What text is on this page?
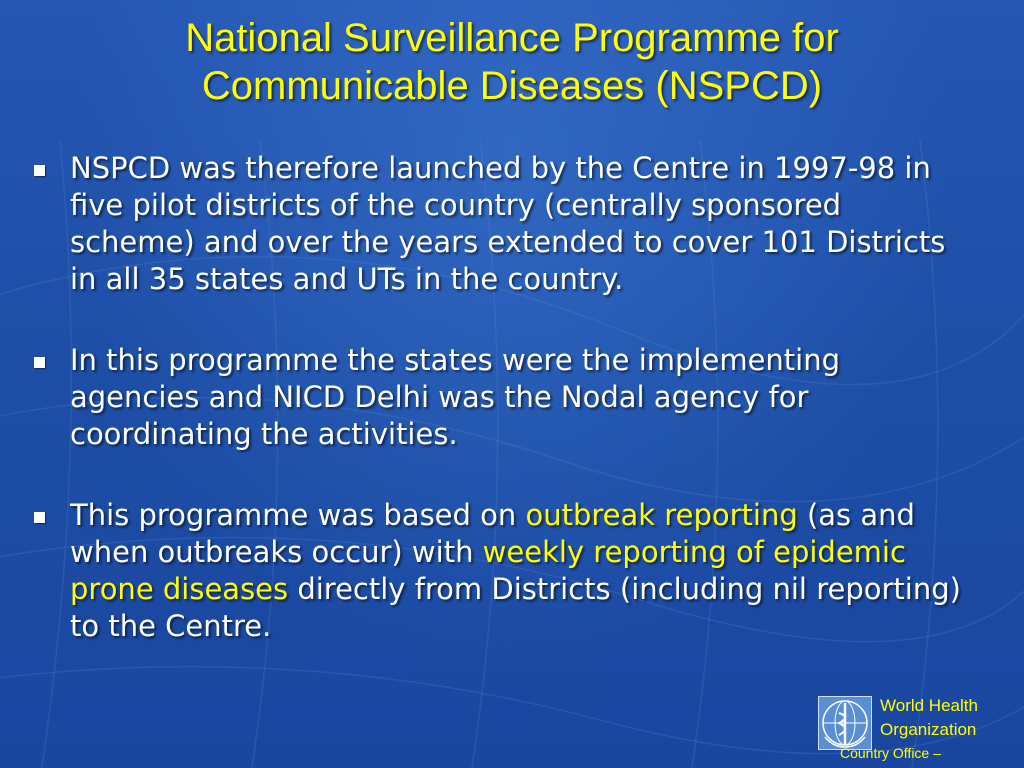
National Surveillance Programme for
Communicable Diseases (NSPCD)
NSPCD was therefore launched by the Centre in 1997-98 in five pilot districts of the country (centrally sponsored scheme) and over the years extended to cover 101 Districts in all 35 states and UTs in the country.
In this programme the states were the implementing agencies and NICD Delhi was the Nodal agency for coordinating the activities.
This programme was based on outbreak reporting (as and when outbreaks occur) with weekly reporting of epidemic prone diseases directly from Districts (including nil reporting) to the Centre.
World Health
Organization
Country Office –
